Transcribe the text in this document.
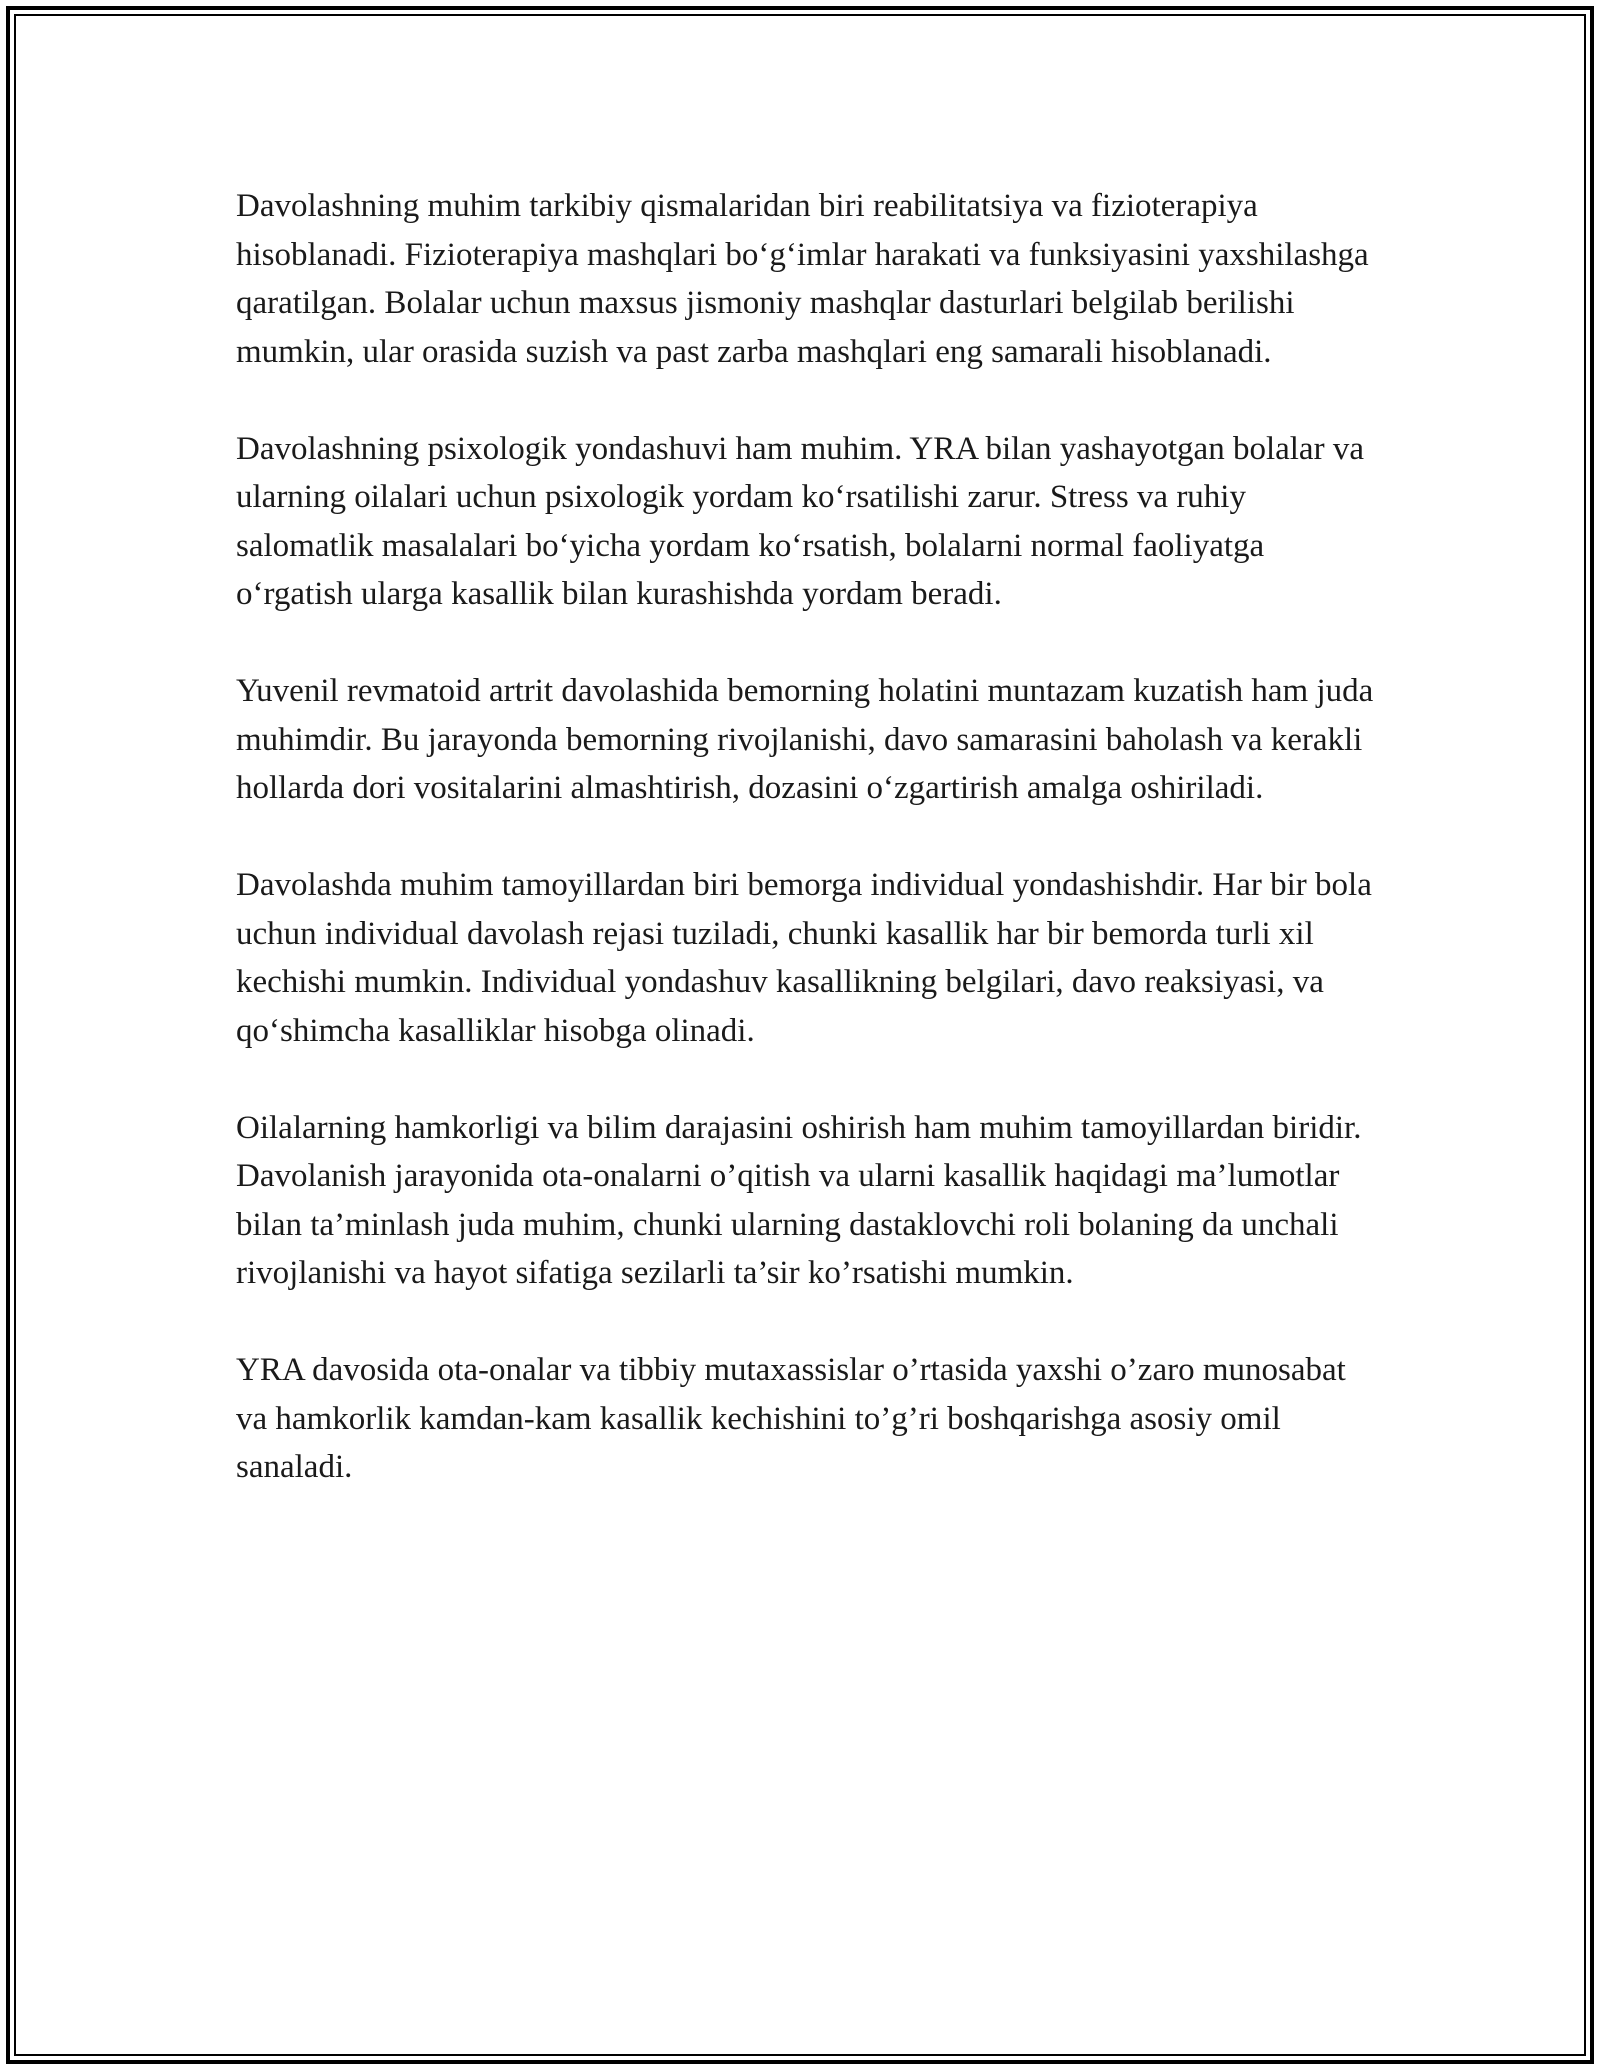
Davolashning muhim tarkibiy qismalaridan biri reabilitatsiya va fizioterapiya hisoblanadi. Fizioterapiya mashqlari bo‘g‘imlar harakati va funksiyasini yaxshilashga qaratilgan. Bolalar uchun maxsus jismoniy mashqlar dasturlari belgilab berilishi mumkin, ular orasida suzish va past zarba mashqlari eng samarali hisoblanadi.

Davolashning psixologik yondashuvi ham muhim. YRA bilan yashayotgan bolalar va ularning oilalari uchun psixologik yordam ko‘rsatilishi zarur. Stress va ruhiy salomatlik masalalari bo‘yicha yordam ko‘rsatish, bolalarni normal faoliyatga o‘rgatish ularga kasallik bilan kurashishda yordam beradi.

Yuvenil revmatoid artrit davolashida bemorning holatini muntazam kuzatish ham juda muhimdir. Bu jarayonda bemorning rivojlanishi, davo samarasini baholash va kerakli hollarda dori vositalarini almashtirish, dozasini o‘zgartirish amalga oshiriladi.

Davolashda muhim tamoyillardan biri bemorga individual yondashishdir. Har bir bola uchun individual davolash rejasi tuziladi, chunki kasallik har bir bemorda turli xil kechishi mumkin. Individual yondashuv kasallikning belgilari, davo reaksiyasi, va qo‘shimcha kasalliklar hisobga olinadi.

Oilalarning hamkorligi va bilim darajasini oshirish ham muhim tamoyillardan biridir. Davolanish jarayonida ota-onalarni o’qitish va ularni kasallik haqidagi ma’lumotlar bilan ta’minlash juda muhim, chunki ularning dastaklovchi roli bolaning da unchali rivojlanishi va hayot sifatiga sezilarli ta’sir ko’rsatishi mumkin.

YRA davosida ota-onalar va tibbiy mutaxassislar o’rtasida yaxshi o’zaro munosabat va hamkorlik kamdan-kam kasallik kechishini to’g’ri boshqarishga asosiy omil sanaladi.
